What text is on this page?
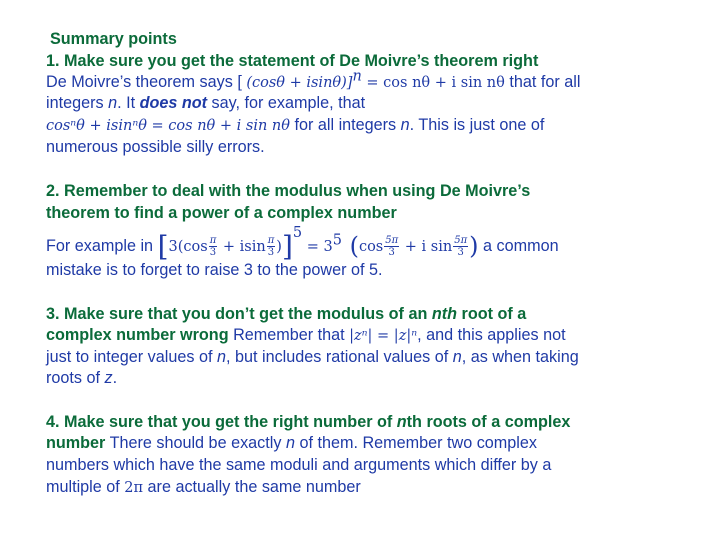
Summary points
1. Make sure you get the statement of De Moivre’s theorem right
De Moivre’s theorem says [ (cosθ + isinθ)]$^n$ = cos nθ + i sin nθ that for all
integers n. It does not say, for example, that
cosⁿθ + isinⁿθ = cos nθ + i sin nθ for all integers n. This is just one of
numerous possible silly errors.
2. Remember to deal with the modulus when using De Moivre’s
theorem to find a power of a complex number
For example in $[3(\cos \frac{\pi}{3} + isin \frac{\pi}{3} )]^5 = 3^5$ ($\cos \frac{5\pi}{3} + i$ $\sin \frac{5\pi}{3}$ ) a common
mistake is to forget to raise 3 to the power of 5.
3. Make sure that you don’t get the modulus of an nth root of a
complex number wrong Remember that |zⁿ| = |z|ⁿ, and this applies not
just to integer values of n, but includes rational values of n, as when taking
roots of z.
4. Make sure that you get the right number of nth roots of a complex
number There should be exactly n of them. Remember two complex
numbers which have the same moduli and arguments which differ by a
multiple of 2π are actually the same number
